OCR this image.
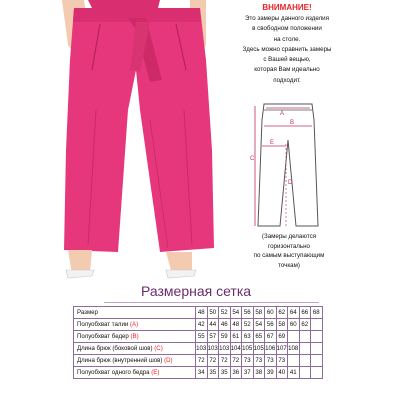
ВНИМАНИЕ!
Это замеры данного изделия
в свободном положении
на столе.
Здесь можно сравнить замеры
с Вашей вещью,
которая Вам идеально
подходит.
A
B
C
D
E
(Замеры делаются
горизонтально
по самым выступающим
точкам)
Размерная сетка
Размер	48	50	52	54	56	58	60	62	64	66	68
Полуобхват талии (A)	42	44	46	48	52	54	56	58	60	62	
Полуобхват бедер (B)	55	57	59	61	63	65	67	69			
Длина брюк (боковой шов) (C)	103	103	103	104	105	105	106	107	108		
Длина брюк (внутренний шов) (D)	72	72	72	72	73	73	73	73			
Полуобхват одного бедра (E)	34	35	35	36	37	38	39	40	41		
